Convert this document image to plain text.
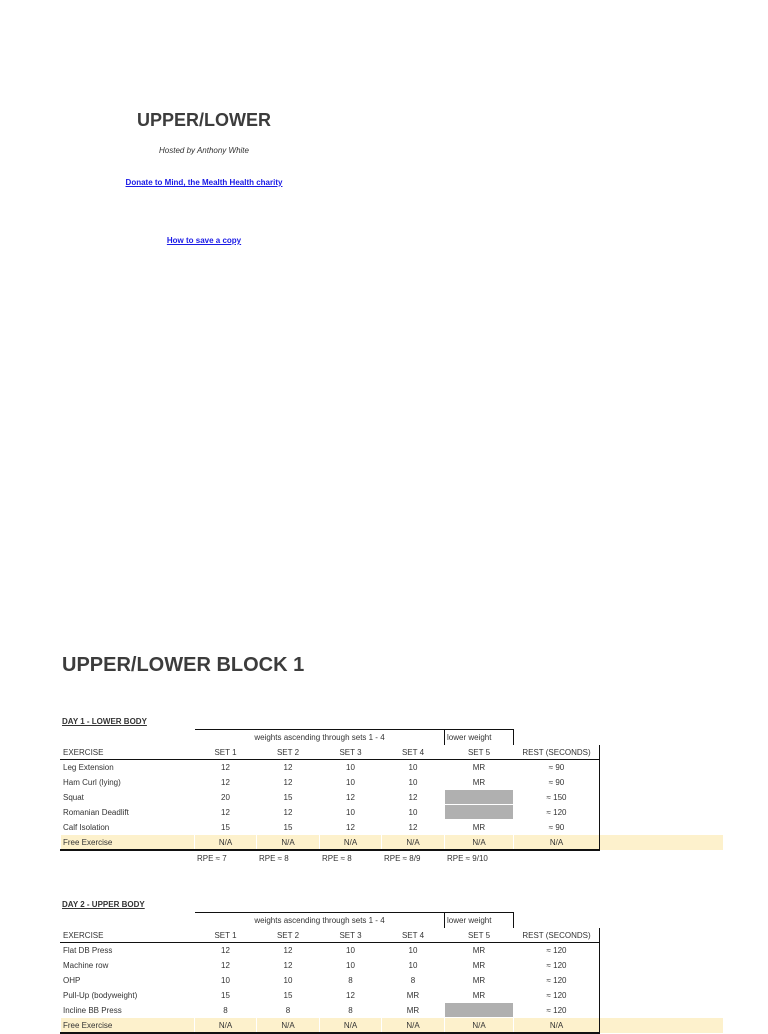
UPPER/LOWER
Hosted by Anthony White
Donate to Mind, the Mealth Health charity
How to save a copy
UPPER/LOWER BLOCK 1
DAY 1 - LOWER BODY
	weights ascending through sets 1 - 4				lower weight		
EXERCISE	SET 1	SET 2	SET 3	SET 4	SET 5	REST (SECONDS)	
Leg Extension	12	12	10	10	MR	≈ 90	
Ham Curl (lying)	12	12	10	10	MR	≈ 90	
Squat	20	15	12	12		≈ 150	
Romanian Deadlift	12	12	10	10		≈ 120	
Calf Isolation	15	15	12	12	MR	≈ 90	
Free Exercise	N/A	N/A	N/A	N/A	N/A	N/A	
	RPE ≈ 7	RPE ≈ 8	RPE ≈ 8	RPE ≈ 8/9	RPE ≈ 9/10		
DAY 2 - UPPER BODY
	weights ascending through sets 1 - 4				lower weight		
EXERCISE	SET 1	SET 2	SET 3	SET 4	SET 5	REST (SECONDS)	
Flat DB Press	12	12	10	10	MR	≈ 120	
Machine row	12	12	10	10	MR	≈ 120	
OHP	10	10	8	8	MR	≈ 120	
Pull-Up (bodyweight)	15	15	12	MR	MR	≈ 120	
Incline BB Press	8	8	8	MR		≈ 120	
Free Exercise	N/A	N/A	N/A	N/A	N/A	N/A	
